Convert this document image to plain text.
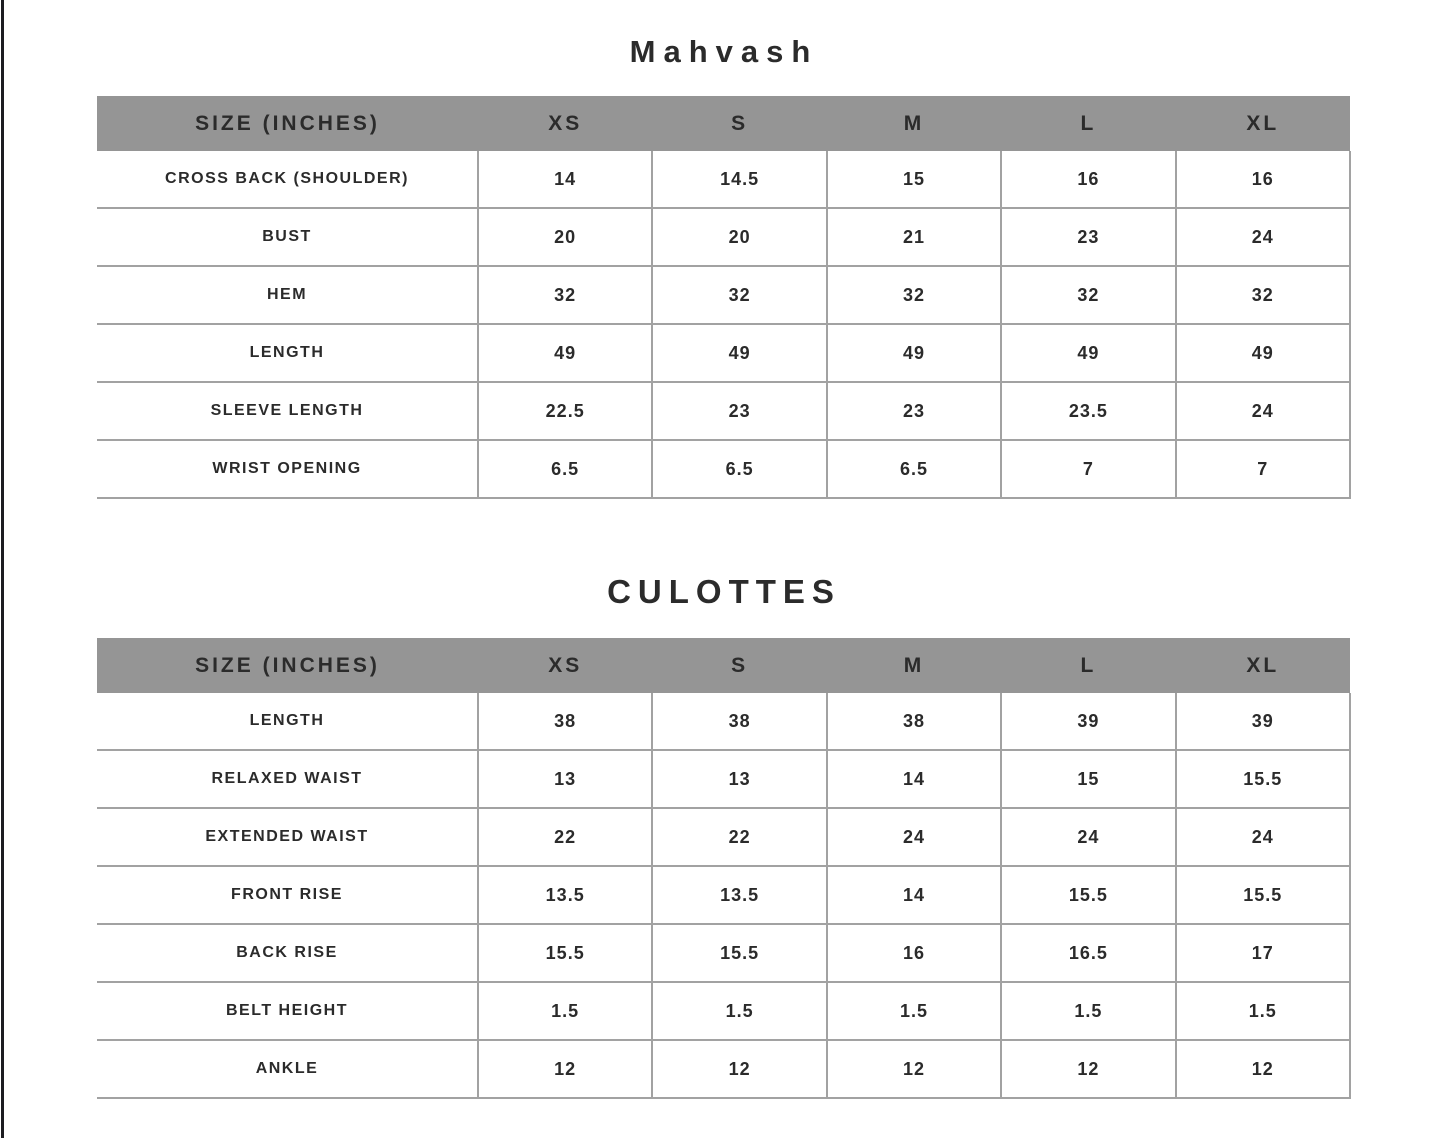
Mahvash
SIZE (INCHES)	XS	S	M	L	XL
CROSS BACK (SHOULDER)	14	14.5	15	16	16
BUST	20	20	21	23	24
HEM	32	32	32	32	32
LENGTH	49	49	49	49	49
SLEEVE LENGTH	22.5	23	23	23.5	24
WRIST OPENING	6.5	6.5	6.5	7	7
CULOTTES
SIZE (INCHES)	XS	S	M	L	XL
LENGTH	38	38	38	39	39
RELAXED WAIST	13	13	14	15	15.5
EXTENDED WAIST	22	22	24	24	24
FRONT RISE	13.5	13.5	14	15.5	15.5
BACK RISE	15.5	15.5	16	16.5	17
BELT HEIGHT	1.5	1.5	1.5	1.5	1.5
ANKLE	12	12	12	12	12
